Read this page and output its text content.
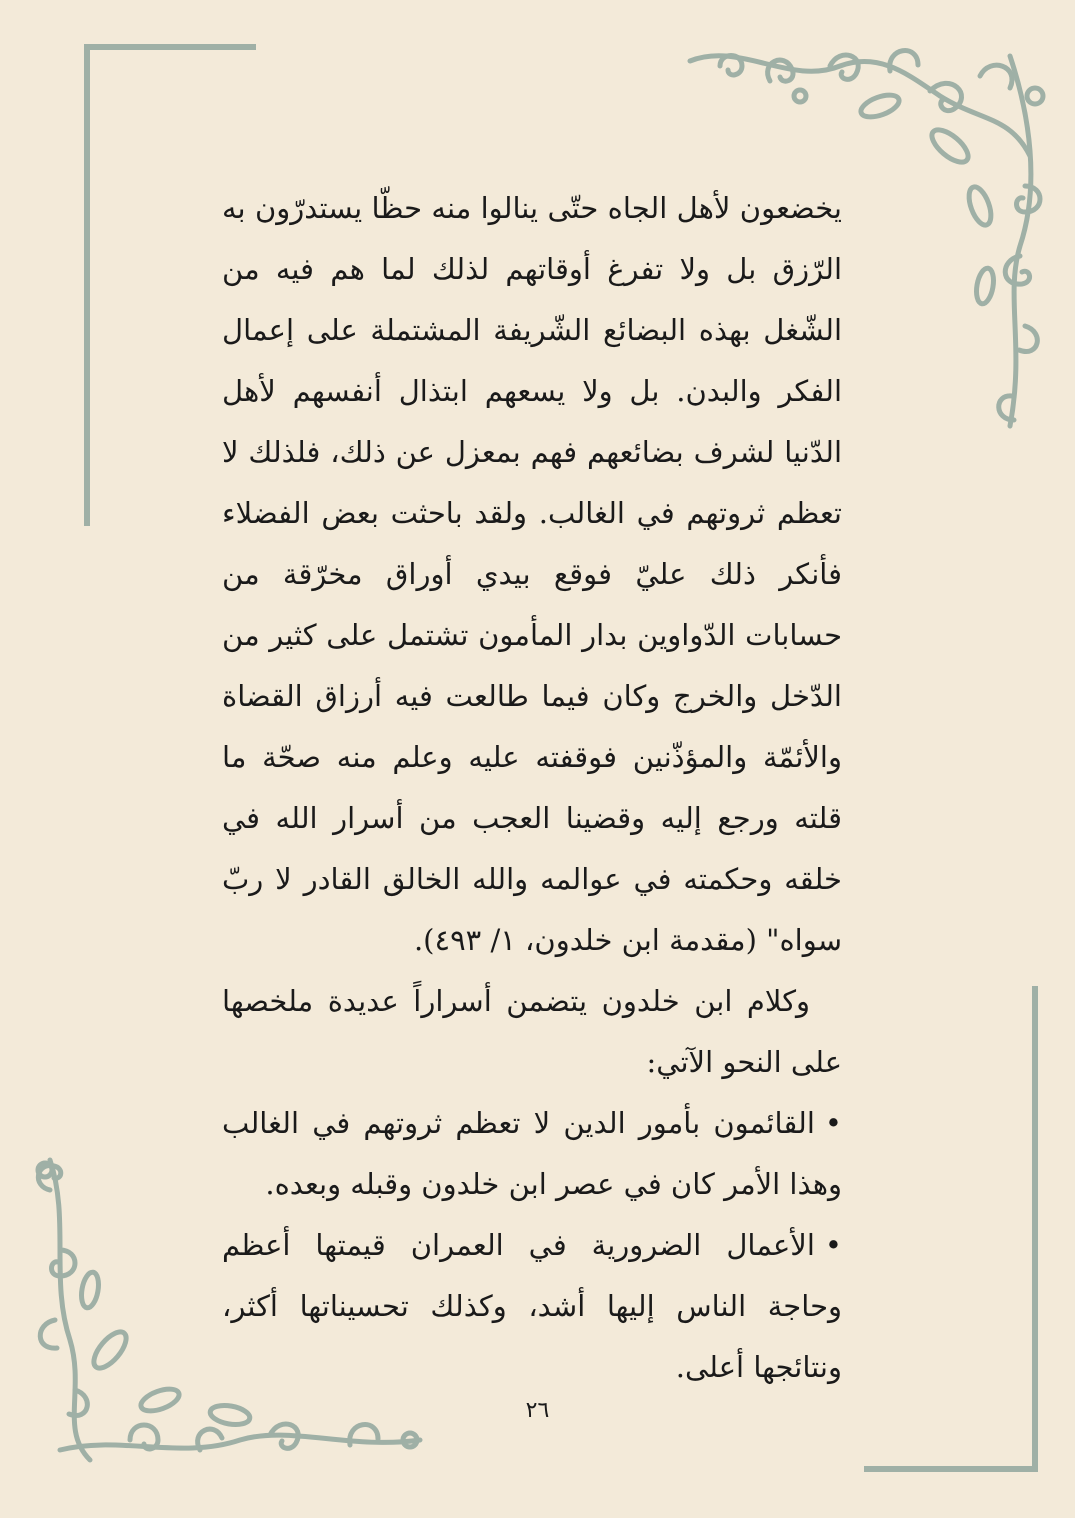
يخضعون لأهل الجاه حتّى ينالوا منه حظّا يستدرّون به الرّزق بل ولا تفرغ أوقاتهم لذلك لما هم فيه من الشّغل بهذه البضائع الشّريفة المشتملة على إعمال الفكر والبدن. بل ولا يسعهم ابتذال أنفسهم لأهل الدّنيا لشرف بضائعهم فهم بمعزل عن ذلك، فلذلك لا تعظم ثروتهم في الغالب. ولقد باحثت بعض الفضلاء فأنكر ذلك عليّ فوقع بيدي أوراق مخرّقة من حسابات الدّواوين بدار المأمون تشتمل على كثير من الدّخل والخرج وكان فيما طالعت فيه أرزاق القضاة والأئمّة والمؤذّنين فوقفته عليه وعلم منه صحّة ما قلته ورجع إليه وقضينا العجب من أسرار الله في خلقه وحكمته في عوالمه والله الخالق القادر لا ربّ سواه" (مقدمة ابن خلدون، ١/ ٤٩٣).

وكلام ابن خلدون يتضمن أسراراً عديدة ملخصها على النحو الآتي:

•القائمون بأمور الدين لا تعظم ثروتهم في الغالب وهذا الأمر كان في عصر ابن خلدون وقبله وبعده.

•الأعمال الضرورية في العمران قيمتها أعظم وحاجة الناس إليها أشد، وكذلك تحسيناتها أكثر، ونتائجها أعلى.

٢٦
